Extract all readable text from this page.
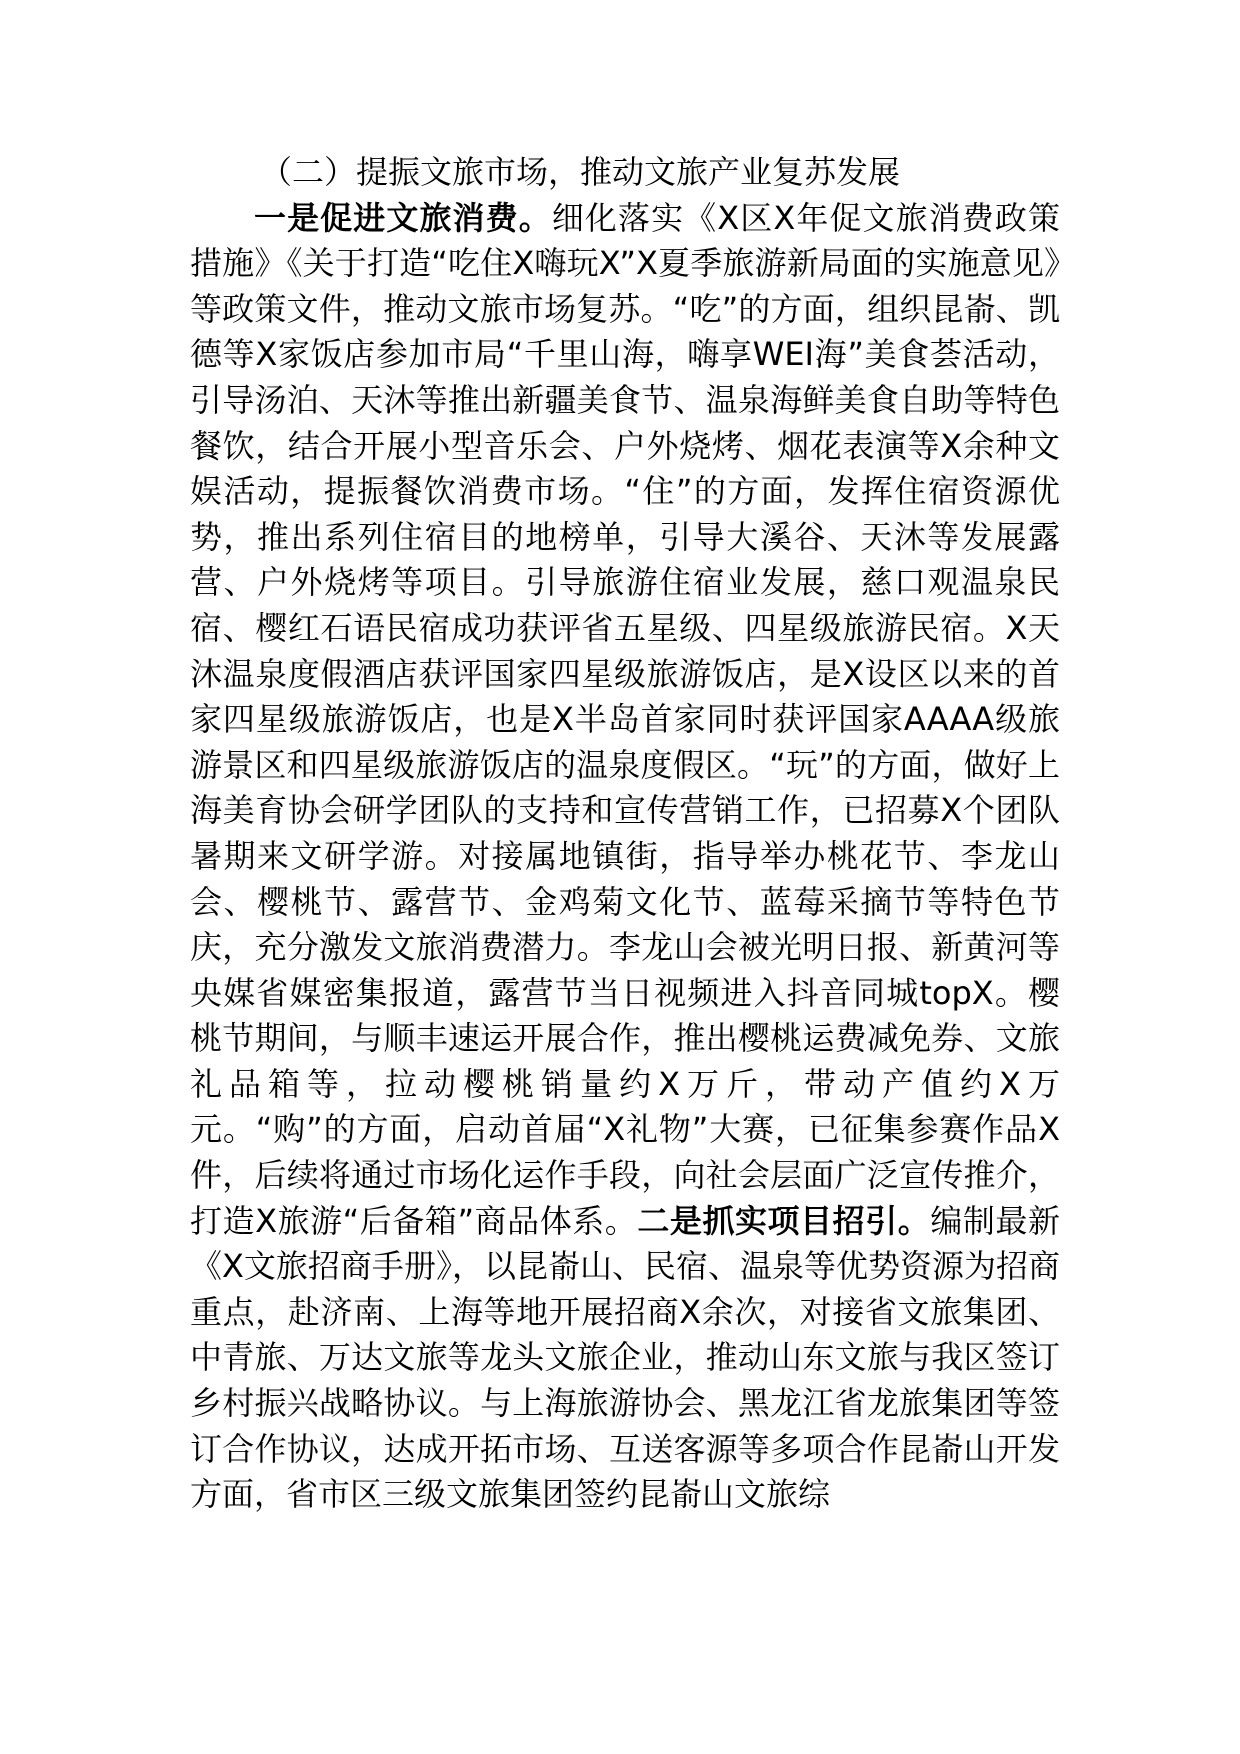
（二）提振文旅市场，推动文旅产业复苏发展

一是促进文旅消费。细化落实《X区X年促文旅消费政策措施》《关于打造“吃住X嗨玩X”X夏季旅游新局面的实施意见》等政策文件，推动文旅市场复苏。“吃”的方面，组织昆嵛、凯德等X家饭店参加市局“千里山海，嗨享WEI海”美食荟活动，引导汤泊、天沐等推出新疆美食节、温泉海鲜美食自助等特色餐饮，结合开展小型音乐会、户外烧烤、烟花表演等X余种文娱活动，提振餐饮消费市场。“住”的方面，发挥住宿资源优势，推出系列住宿目的地榜单，引导大溪谷、天沐等发展露营、户外烧烤等项目。引导旅游住宿业发展，慈口观温泉民宿、樱红石语民宿成功获评省五星级、四星级旅游民宿。X天沐温泉度假酒店获评国家四星级旅游饭店，是X设区以来的首家四星级旅游饭店，也是X半岛首家同时获评国家AAAA级旅游景区和四星级旅游饭店的温泉度假区。“玩”的方面，做好上海美育协会研学团队的支持和宣传营销工作，已招募X个团队暑期来文研学游。对接属地镇街，指导举办桃花节、李龙山会、樱桃节、露营节、金鸡菊文化节、蓝莓采摘节等特色节庆，充分激发文旅消费潜力。李龙山会被光明日报、新黄河等央媒省媒密集报道，露营节当日视频进入抖音同城topX。樱桃节期间，与顺丰速运开展合作，推出樱桃运费减免券、文旅礼品箱等，拉动樱桃销量约X万斤，带动产值约X万元。“购”的方面，启动首届“X礼物”大赛，已征集参赛作品X件，后续将通过市场化运作手段，向社会层面广泛宣传推介，打造X旅游“后备箱”商品体系。二是抓实项目招引。编制最新《X文旅招商手册》，以昆嵛山、民宿、温泉等优势资源为招商重点，赴济南、上海等地开展招商X余次，对接省文旅集团、中青旅、万达文旅等龙头文旅企业，推动山东文旅与我区签订乡村振兴战略协议。与上海旅游协会、黑龙江省龙旅集团等签订合作协议，达成开拓市场、互送客源等多项合作昆嵛山开发方面，省市区三级文旅集团签约昆嵛山文旅综
